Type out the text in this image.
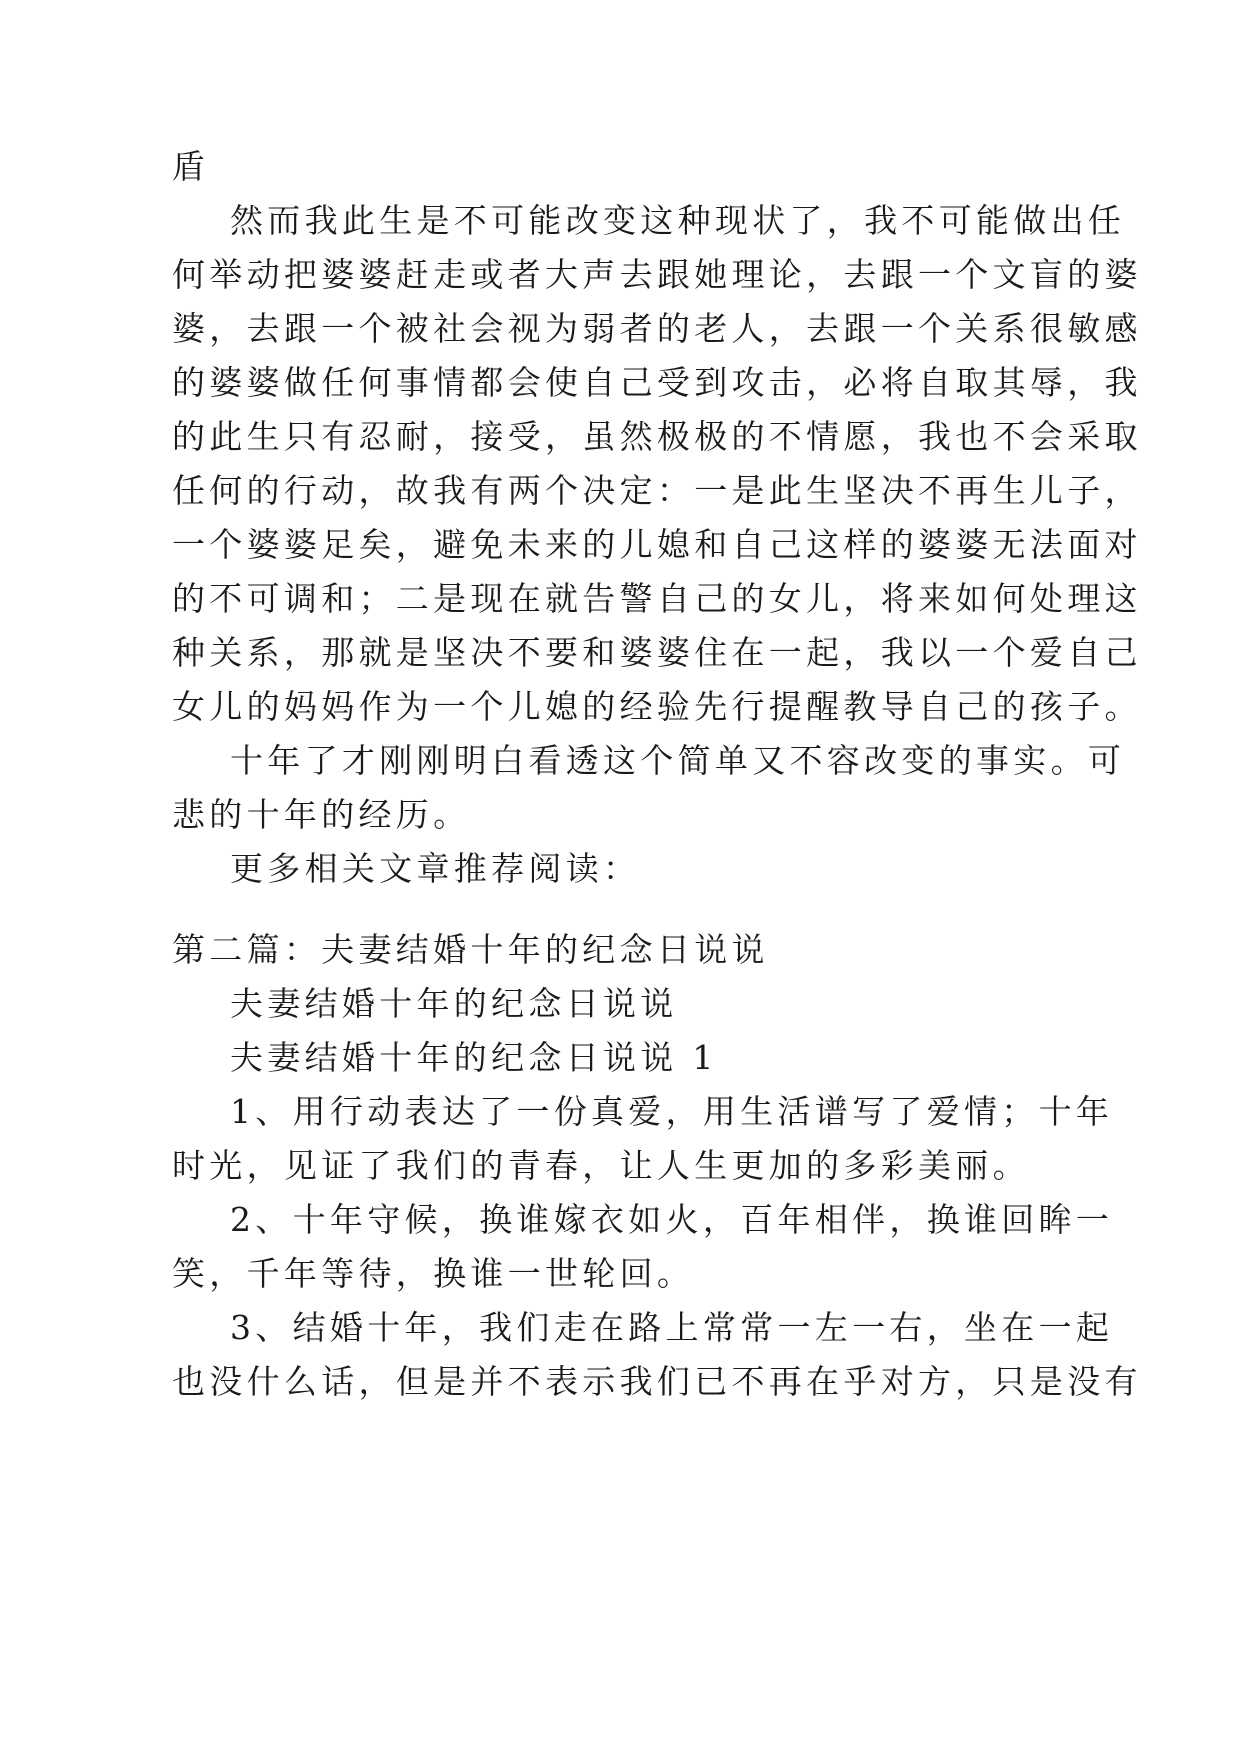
盾
然而我此生是不可能改变这种现状了，我不可能做出任
何举动把婆婆赶走或者大声去跟她理论，去跟一个文盲的婆
婆，去跟一个被社会视为弱者的老人，去跟一个关系很敏感
的婆婆做任何事情都会使自己受到攻击，必将自取其辱，我
的此生只有忍耐，接受，虽然极极的不情愿，我也不会采取
任何的行动，故我有两个决定：一是此生坚决不再生儿子，
一个婆婆足矣，避免未来的儿媳和自己这样的婆婆无法面对
的不可调和；二是现在就告警自己的女儿，将来如何处理这
种关系，那就是坚决不要和婆婆住在一起，我以一个爱自己
女儿的妈妈作为一个儿媳的经验先行提醒教导自己的孩子。
十年了才刚刚明白看透这个简单又不容改变的事实。可
悲的十年的经历。
更多相关文章推荐阅读：
第二篇：夫妻结婚十年的纪念日说说
夫妻结婚十年的纪念日说说
夫妻结婚十年的纪念日说说 1
1、用行动表达了一份真爱，用生活谱写了爱情；十年
时光，见证了我们的青春，让人生更加的多彩美丽。
2、十年守候，换谁嫁衣如火，百年相伴，换谁回眸一
笑，千年等待，换谁一世轮回。
3、结婚十年，我们走在路上常常一左一右，坐在一起
也没什么话，但是并不表示我们已不再在乎对方，只是没有
